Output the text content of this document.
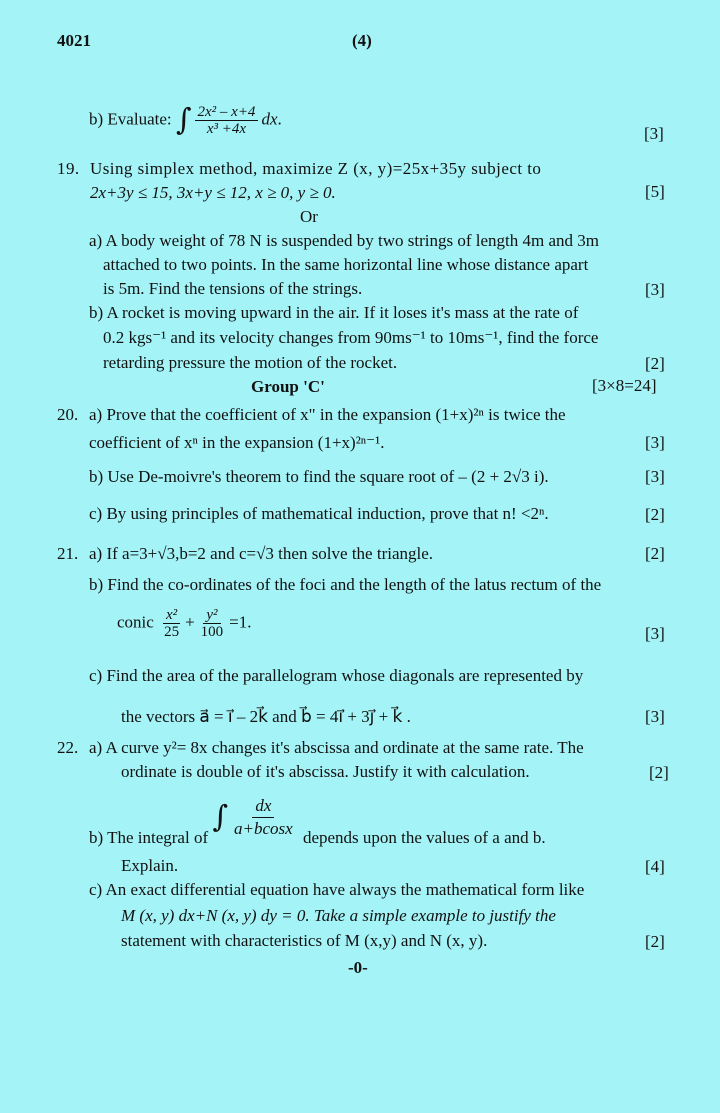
4021	(4)
b) Evaluate: ∫ $\frac{\text{2x² – x+4}}{\text{x³ +4x}}$ dx.
[3]
19. Using simplex method, maximize Z (x, y)=25x+35y subject to
2x+3y ≤ 15, 3x+y ≤ 12, x ≥ 0, y ≥ 0.	[5]
Or
a) A body weight of 78 N is suspended by two strings of length 4m and 3m
attached to two points. In the same horizontal line whose distance apart
is 5m. Find the tensions of the strings.	[3]
b) A rocket is moving upward in the air. If it loses it's mass at the rate of
0.2 kgs⁻¹ and its velocity changes from 90ms⁻¹ to 10ms⁻¹, find the force
retarding pressure the motion of the rocket.	[2]
Group 'C'	[3×8=24]
20. a) Prove that the coefficient of x" in the expansion (1+x)²ⁿ is twice the
coefficient of xⁿ in the expansion (1+x)²ⁿ⁻¹.	[3]
b) Use De-moivre's theorem to find the square root of – (2 + 2√3 i).	[3]
c) By using principles of mathematical induction, prove that n! <2ⁿ.	[2]
21. a) If a=3+√3,b=2 and c=√3 then solve the triangle.	[2]
b) Find the co-ordinates of the foci and the length of the latus rectum of the
conic $\frac{\text{x²}}{25} + \frac{\text{y²}}{100} =1$.
[3]
c) Find the area of the parallelogram whose diagonals are represented by
the vectors a⃗ = i⃗ – 2k⃗ and b⃗ = 4i⃗ + 3j⃗ + k⃗ .	[3]
22. a) A curve y²= 8x changes it's abscissa and ordinate at the same rate. The
ordinate is double of it's abscissa. Justify it with calculation.	[2]
b) The integral of ∫ $\frac{dx}{a+bcosx}$ depends upon the values of a and b.
Explain.	[4]
c) An exact differential equation have always the mathematical form like
M (x, y) dx+N (x, y) dy = 0. Take a simple example to justify the
statement with characteristics of M (x,y) and N (x, y).	[2]
-0-
